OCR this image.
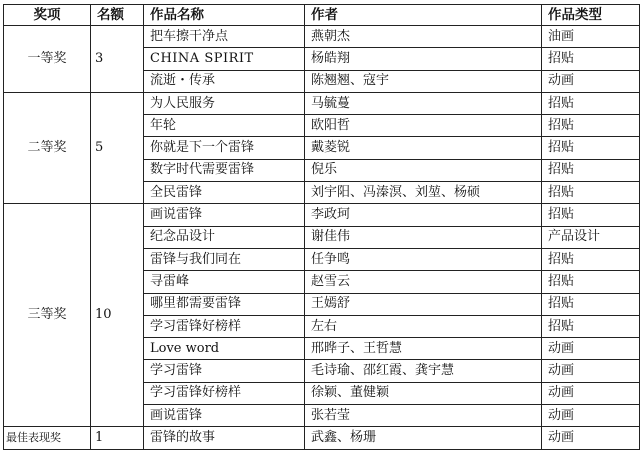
奖项	名额	作品名称	作者	作品类型
一等奖	3	把车擦干净点	燕朝杰	油画
		CHINA SPIRIT	杨皓翔	招贴
		流逝・传承	陈翘翘、寇宇	动画
二等奖	5	为人民服务	马毓蔓	招贴
		年轮	欧阳哲	招贴
		你就是下一个雷锋	戴菱锐	招贴
		数字时代需要雷锋	倪乐	招贴
		全民雷锋	刘宇阳、冯溱溟、刘堃、杨硕	招贴
三等奖	10	画说雷锋	李政珂	招贴
		纪念品设计	谢佳伟	产品设计
		雷锋与我们同在	任争鸣	招贴
		寻雷峰	赵雪云	招贴
		哪里都需要雷锋	王嫣舒	招贴
		学习雷锋好榜样	左右	招贴
		Love word	邢晔子、王哲慧	动画
		学习雷锋	毛诗瑜、邵红霞、龚宇慧	动画
		学习雷锋好榜样	徐颖、董健颖	动画
		画说雷锋	张若莹	动画
最佳表现奖	1	雷锋的故事	武鑫、杨珊	动画
